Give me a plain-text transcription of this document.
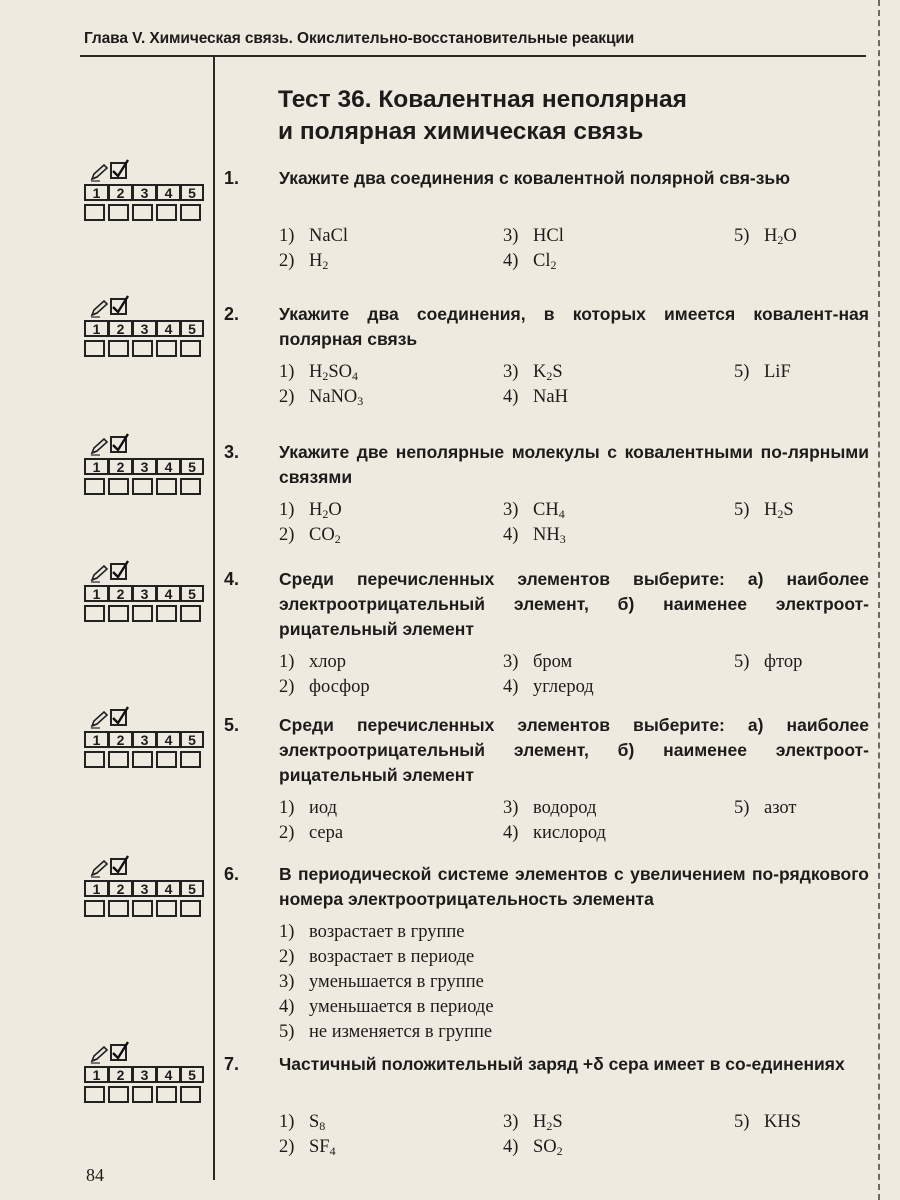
Глава V. Химическая связь. Окислительно-восстановительные реакции
Тест 36. Ковалентная неполярная
и полярная химическая связь
1	2	3	4	5
1. Укажите два соединения с ковалентной полярной свя-зью
1) NaCl
2) $H_2$
3) HCl
4) $Cl_2$
5) $H_2O$
1	2	3	4	5
2. Укажите два соединения, в которых имеется ковалент-ная полярная связь
1) $H_2SO_4$
2) NaNO$_3$
3) $K_2S$
4) NaH
5) LiF
1	2	3	4	5
3. Укажите две неполярные молекулы с ковалентными по-лярными связями
1) $H_2O$
2) $CO_2$
3) $CH_4$
4) $NH_3$
5) $H_2S$
1	2	3	4	5
4. Среди перечисленных элементов выберите: а) наиболее электроотрицательный элемент, б) наименее электроот-рицательный элемент
1) хлор
2) фосфор
3) бром
4) углерод
5) фтор
1	2	3	4	5
5. Среди перечисленных элементов выберите: а) наиболее электроотрицательный элемент, б) наименее электроот-рицательный элемент
1) иод
2) сера
3) водород
4) кислород
5) азот
1	2	3	4	5
6. В периодической системе элементов с увеличением по-рядкового номера электроотрицательность элемента
1) возрастает в группе
2) возрастает в периоде
3) уменьшается в группе
4) уменьшается в периоде
5) не изменяется в группе
1	2	3	4	5
7. Частичный положительный заряд +δ сера имеет в со-единениях
1) $S_8$
2) $SF_4$
3) $H_2S$
4) $SO_2$
5) KHS
84
